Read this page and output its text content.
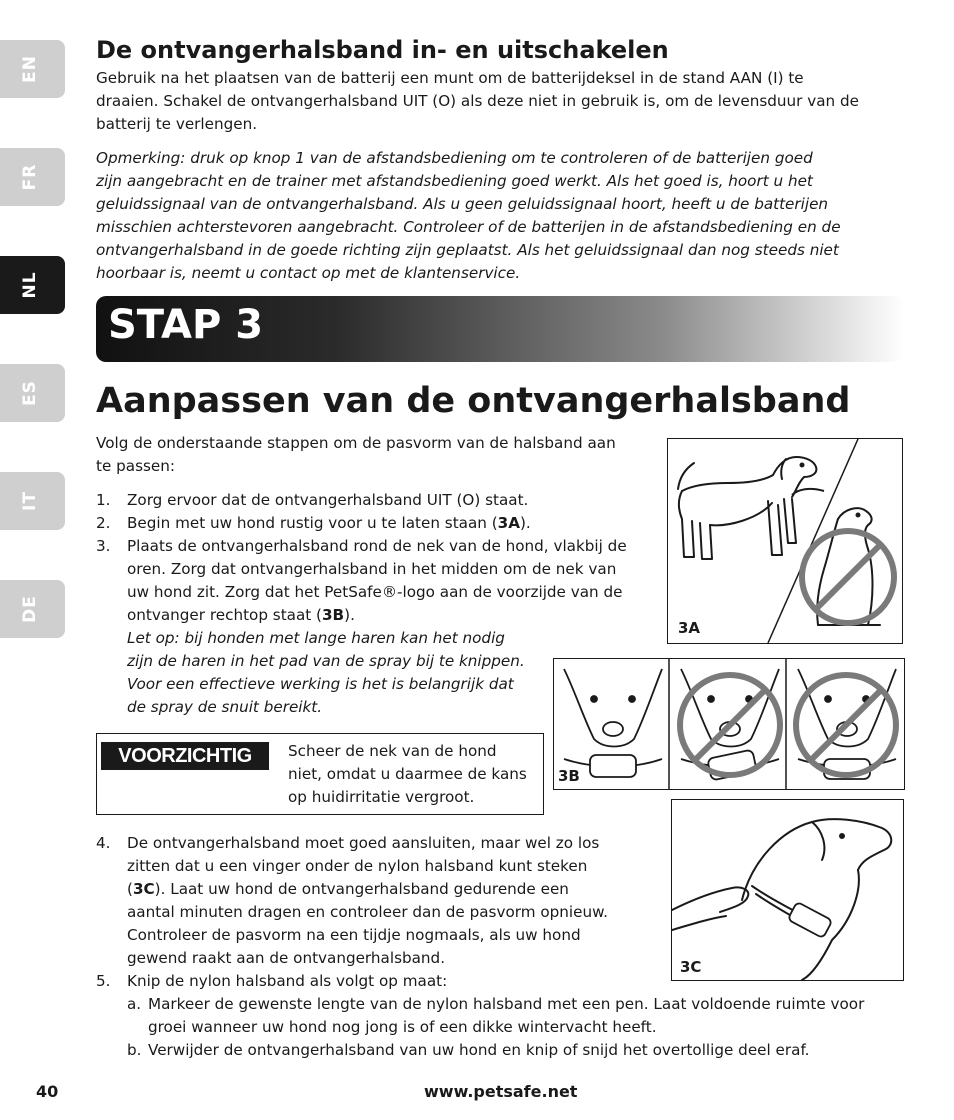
EN
FR
NL
ES
IT
DE
De ontvangerhalsband in- en uitschakelen
Gebruik na het plaatsen van de batterij een munt om de batterijdeksel in de stand AAN (I) te
draaien. Schakel de ontvangerhalsband UIT (O) als deze niet in gebruik is, om de levensduur van de
batterij te verlengen.
Opmerking: druk op knop 1 van de afstandsbediening om te controleren of de batterijen goed
zijn aangebracht en de trainer met afstandsbediening goed werkt. Als het goed is, hoort u het
geluidssignaal van de ontvangerhalsband. Als u geen geluidssignaal hoort, heeft u de batterijen
misschien achterstevoren aangebracht. Controleer of de batterijen in de afstandsbediening en de
ontvangerhalsband in de goede richting zijn geplaatst. Als het geluidssignaal dan nog steeds niet
hoorbaar is, neemt u contact op met de klantenservice.
STAP 3
Aanpassen van de ontvangerhalsband
Volg de onderstaande stappen om de pasvorm van de halsband aan
te passen:
1. Zorg ervoor dat de ontvangerhalsband UIT (O) staat.
2. Begin met uw hond rustig voor u te laten staan (3A).
3. Plaats de ontvangerhalsband rond de nek van de hond, vlakbij de
oren. Zorg dat ontvangerhalsband in het midden om de nek van
uw hond zit. Zorg dat het PetSafe®-logo aan de voorzijde van de
ontvanger rechtop staat (3B).
Let op: bij honden met lange haren kan het nodig
zijn de haren in het pad van de spray bij te knippen.
Voor een effectieve werking is het is belangrijk dat
de spray de snuit bereikt.
VOORZICHTIG	Scheer de nek van de hond
niet, omdat u daarmee de kans
op huidirritatie vergroot.
4. De ontvangerhalsband moet goed aansluiten, maar wel zo los
zitten dat u een vinger onder de nylon halsband kunt steken
(3C). Laat uw hond de ontvangerhalsband gedurende een
aantal minuten dragen en controleer dan de pasvorm opnieuw.
Controleer de pasvorm na een tijdje nogmaals, als uw hond
gewend raakt aan de ontvangerhalsband.
5. Knip de nylon halsband als volgt op maat:
a. Markeer de gewenste lengte van de nylon halsband met een pen. Laat voldoende ruimte voor
groei wanneer uw hond nog jong is of een dikke wintervacht heeft.
b. Verwijder de ontvangerhalsband van uw hond en knip of snijd het overtollige deel eraf.
3A
3B
3C
40	www.petsafe.net
